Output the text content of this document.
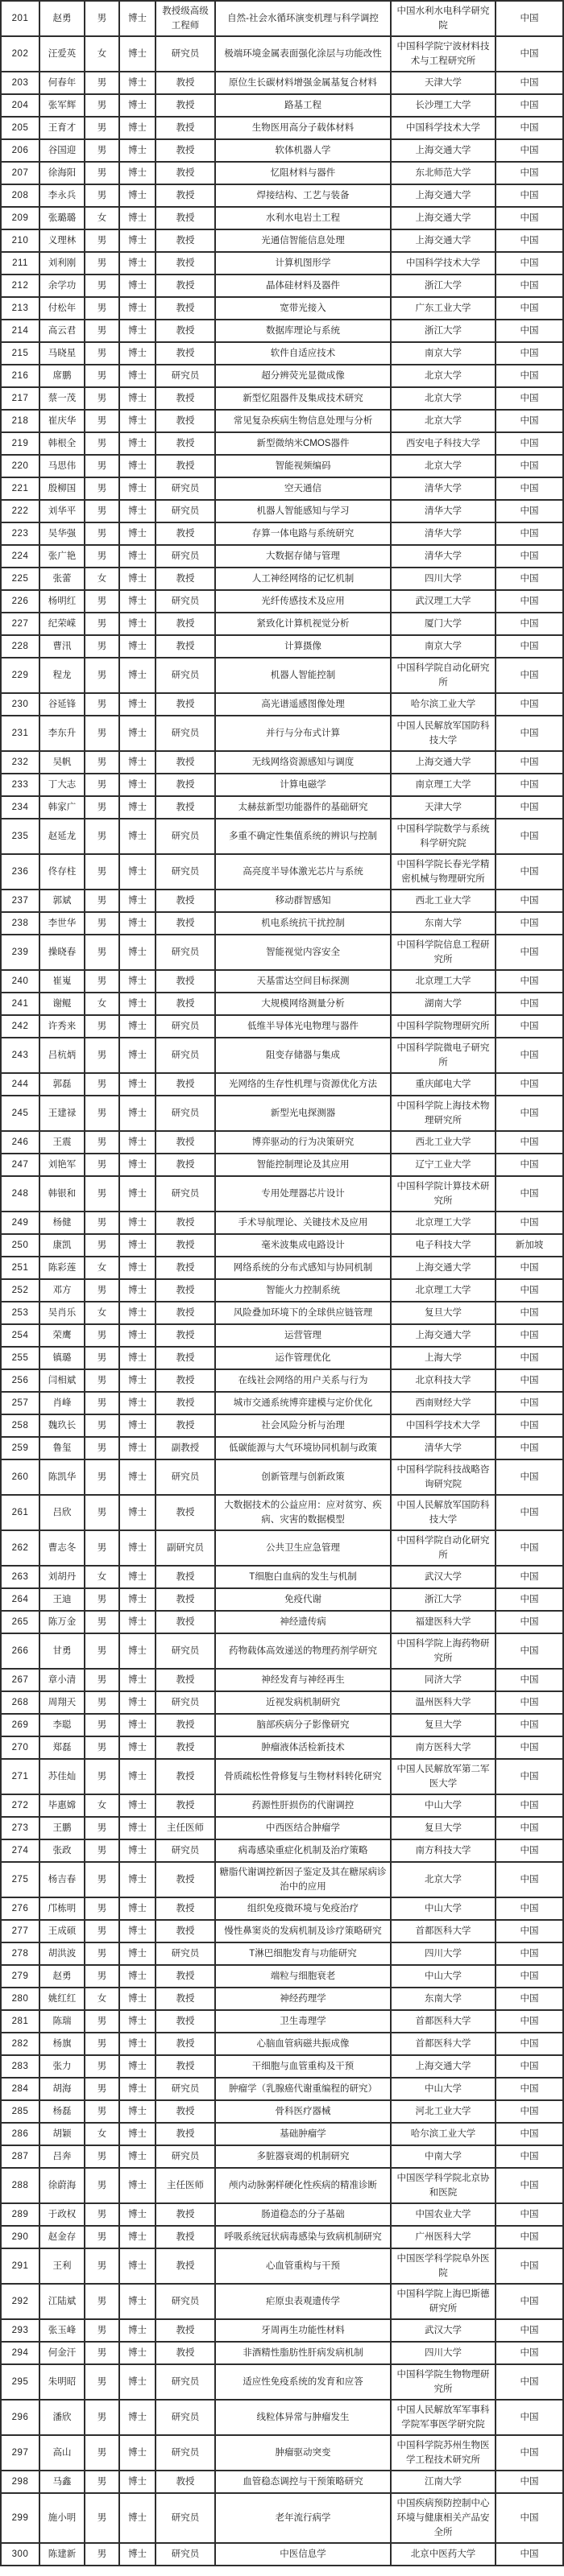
201	赵勇	男	博士	教授级高级工程师	自然-社会水循环演变机理与科学调控	中国水利水电科学研究院	中国
202	汪爱英	女	博士	研究员	极端环境金属表面强化涂层与功能改性	中国科学院宁波材料技术与工程研究所	中国
203	何春年	男	博士	教授	原位生长碳材料增强金属基复合材料	天津大学	中国
204	张军辉	男	博士	教授	路基工程	长沙理工大学	中国
205	王育才	男	博士	教授	生物医用高分子载体材料	中国科学技术大学	中国
206	谷国迎	男	博士	教授	软体机器人学	上海交通大学	中国
207	徐海阳	男	博士	教授	忆阻材料与器件	东北师范大学	中国
208	李永兵	男	博士	教授	焊接结构、工艺与装备	上海交通大学	中国
209	张璐璐	女	博士	教授	水利水电岩土工程	上海交通大学	中国
210	义理林	男	博士	教授	光通信智能信息处理	上海交通大学	中国
211	刘利刚	男	博士	教授	计算机图形学	中国科学技术大学	中国
212	余学功	男	博士	教授	晶体硅材料及器件	浙江大学	中国
213	付松年	男	博士	教授	宽带光接入	广东工业大学	中国
214	高云君	男	博士	教授	数据库理论与系统	浙江大学	中国
215	马晓星	男	博士	教授	软件自适应技术	南京大学	中国
216	席鹏	男	博士	研究员	超分辨荧光显微成像	北京大学	中国
217	蔡一茂	男	博士	教授	新型忆阻器件及集成技术研究	北京大学	中国
218	崔庆华	男	博士	教授	常见复杂疾病生物信息处理与分析	北京大学	中国
219	韩根全	男	博士	教授	新型微纳米CMOS器件	西安电子科技大学	中国
220	马思伟	男	博士	教授	智能视频编码	北京大学	中国
221	殷柳国	男	博士	研究员	空天通信	清华大学	中国
222	刘华平	男	博士	研究员	机器人智能感知与学习	清华大学	中国
223	吴华强	男	博士	教授	存算一体电路与系统研究	清华大学	中国
224	张广艳	男	博士	研究员	大数据存储与管理	清华大学	中国
225	张蕾	女	博士	教授	人工神经网络的记忆机制	四川大学	中国
226	杨明红	男	博士	研究员	光纤传感技术及应用	武汉理工大学	中国
227	纪荣嵘	男	博士	教授	紧致化计算机视觉分析	厦门大学	中国
228	曹汛	男	博士	教授	计算摄像	南京大学	中国
229	程龙	男	博士	研究员	机器人智能控制	中国科学院自动化研究所	中国
230	谷延锋	男	博士	教授	高光谱遥感图像处理	哈尔滨工业大学	中国
231	李东升	男	博士	研究员	并行与分布式计算	中国人民解放军国防科技大学	中国
232	吴帆	男	博士	教授	无线网络资源感知与调度	上海交通大学	中国
233	丁大志	男	博士	教授	计算电磁学	南京理工大学	中国
234	韩家广	男	博士	教授	太赫兹新型功能器件的基础研究	天津大学	中国
235	赵延龙	男	博士	研究员	多重不确定性集值系统的辨识与控制	中国科学院数学与系统科学研究院	中国
236	佟存柱	男	博士	研究员	高亮度半导体激光芯片与系统	中国科学院长春光学精密机械与物理研究所	中国
237	郭斌	男	博士	教授	移动群智感知	西北工业大学	中国
238	李世华	男	博士	教授	机电系统抗干扰控制	东南大学	中国
239	操晓春	男	博士	研究员	智能视觉内容安全	中国科学院信息工程研究所	中国
240	崔嵬	男	博士	教授	天基雷达空间目标探测	北京理工大学	中国
241	谢鲲	女	博士	教授	大规模网络测量分析	湖南大学	中国
242	许秀来	男	博士	研究员	低维半导体光电物理与器件	中国科学院物理研究所	中国
243	吕杭炳	男	博士	研究员	阻变存储器与集成	中国科学院微电子研究所	中国
244	郭磊	男	博士	教授	光网络的生存性机理与资源优化方法	重庆邮电大学	中国
245	王建禄	男	博士	研究员	新型光电探测器	中国科学院上海技术物理研究所	中国
246	王震	男	博士	教授	博弈驱动的行为决策研究	西北工业大学	中国
247	刘艳军	男	博士	教授	智能控制理论及其应用	辽宁工业大学	中国
248	韩银和	男	博士	研究员	专用处理器芯片设计	中国科学院计算技术研究所	中国
249	杨健	男	博士	教授	手术导航理论、关键技术及应用	北京理工大学	中国
250	康凯	男	博士	教授	毫米波集成电路设计	电子科技大学	新加坡
251	陈彩莲	女	博士	教授	网络系统的分布式感知与协同机制	上海交通大学	中国
252	邓方	男	博士	教授	智能火力控制系统	北京理工大学	中国
253	吴肖乐	女	博士	教授	风险叠加环境下的全球供应链管理	复旦大学	中国
254	荣鹰	男	博士	教授	运营管理	上海交通大学	中国
255	镇璐	男	博士	教授	运作管理优化	上海大学	中国
256	闫相斌	男	博士	教授	在线社会网络的用户关系与行为	北京科技大学	中国
257	肖峰	男	博士	教授	城市交通系统博弈建模与定价优化	西南财经大学	中国
258	魏玖长	男	博士	教授	社会风险分析与治理	中国科学技术大学	中国
259	鲁玺	男	博士	副教授	低碳能源与大气环境协同机制与政策	清华大学	中国
260	陈凯华	男	博士	研究员	创新管理与创新政策	中国科学院科技战略咨询研究院	中国
261	吕欣	男	博士	教授	大数据技术的公益应用：应对贫穷、疾病、灾害的数据模型	中国人民解放军国防科技大学	中国
262	曹志冬	男	博士	副研究员	公共卫生应急管理	中国科学院自动化研究所	中国
263	刘胡丹	女	博士	教授	T细胞白血病的发生与机制	武汉大学	中国
264	王迪	男	博士	教授	免疫代谢	浙江大学	中国
265	陈万金	男	博士	教授	神经遗传病	福建医科大学	中国
266	甘勇	男	博士	研究员	药物载体高效递送的物理药剂学研究	中国科学院上海药物研究所	中国
267	章小清	男	博士	教授	神经发育与神经再生	同济大学	中国
268	周翔天	男	博士	研究员	近视发病机制研究	温州医科大学	中国
269	李聪	男	博士	教授	脑部疾病分子影像研究	复旦大学	中国
270	郑磊	男	博士	教授	肿瘤液体活检新技术	南方医科大学	中国
271	苏佳灿	男	博士	教授	骨质疏松性骨修复与生物材料转化研究	中国人民解放军第二军医大学	中国
272	毕惠嫦	女	博士	教授	药源性肝损伤的代谢调控	中山大学	中国
273	王鹏	男	博士	主任医师	中西医结合肿瘤学	复旦大学	中国
274	张政	男	博士	研究员	病毒感染重症化机制及治疗策略	南方科技大学	中国
275	杨吉春	男	博士	教授	糖脂代谢调控新因子鉴定及其在糖尿病诊治中的应用	北京大学	中国
276	邝栋明	男	博士	教授	组织免疫微环境与免疫治疗	中山大学	中国
277	王成硕	男	博士	教授	慢性鼻窦炎的发病机制及诊疗策略研究	首都医科大学	中国
278	胡洪波	男	博士	研究员	T淋巴细胞发育与功能研究	四川大学	中国
279	赵勇	男	博士	教授	端粒与细胞衰老	中山大学	中国
280	姚红红	女	博士	教授	神经药理学	东南大学	中国
281	陈瑞	男	博士	教授	卫生毒理学	首都医科大学	中国
282	杨旗	男	博士	教授	心脑血管病磁共振成像	首都医科大学	中国
283	张力	男	博士	教授	干细胞与血管重构及干预	上海交通大学	中国
284	胡海	男	博士	研究员	肿瘤学（乳腺癌代谢重编程的研究）	中山大学	中国
285	杨磊	男	博士	教授	骨科医疗器械	河北工业大学	中国
286	胡颖	女	博士	教授	基础肿瘤学	哈尔滨工业大学	中国
287	吕奔	男	博士	研究员	多脏器衰竭的机制研究	中南大学	中国
288	徐蔚海	男	博士	主任医师	颅内动脉粥样硬化性疾病的精准诊断	中国医学科学院北京协和医院	中国
289	于政权	男	博士	教授	肠道稳态的分子基础	中国农业大学	中国
290	赵金存	男	博士	教授	呼吸系统冠状病毒感染与致病机制研究	广州医科大学	中国
291	王利	男	博士	教授	心血管重构与干预	中国医学科学院阜外医院	中国
292	江陆斌	男	博士	研究员	疟原虫表观遗传学	中国科学院上海巴斯德研究所	中国
293	张玉峰	男	博士	教授	牙周再生功能性材料	武汉大学	中国
294	何金汗	男	博士	教授	非酒精性脂肪性肝病发病机制	四川大学	中国
295	朱明昭	男	博士	研究员	适应性免疫系统的发育和应答	中国科学院生物物理研究所	中国
296	潘欣	男	博士	研究员	线粒体异常与肿瘤发生	中国人民解放军军事科学院军事医学研究院	中国
297	高山	男	博士	研究员	肿瘤驱动突变	中国科学院苏州生物医学工程技术研究所	中国
298	马鑫	男	博士	教授	血管稳态调控与干预策略研究	江南大学	中国
299	施小明	男	博士	研究员	老年流行病学	中国疾病预防控制中心环境与健康相关产品安全所	中国
300	陈建新	男	博士	研究员	中医信息学	北京中医药大学	中国
